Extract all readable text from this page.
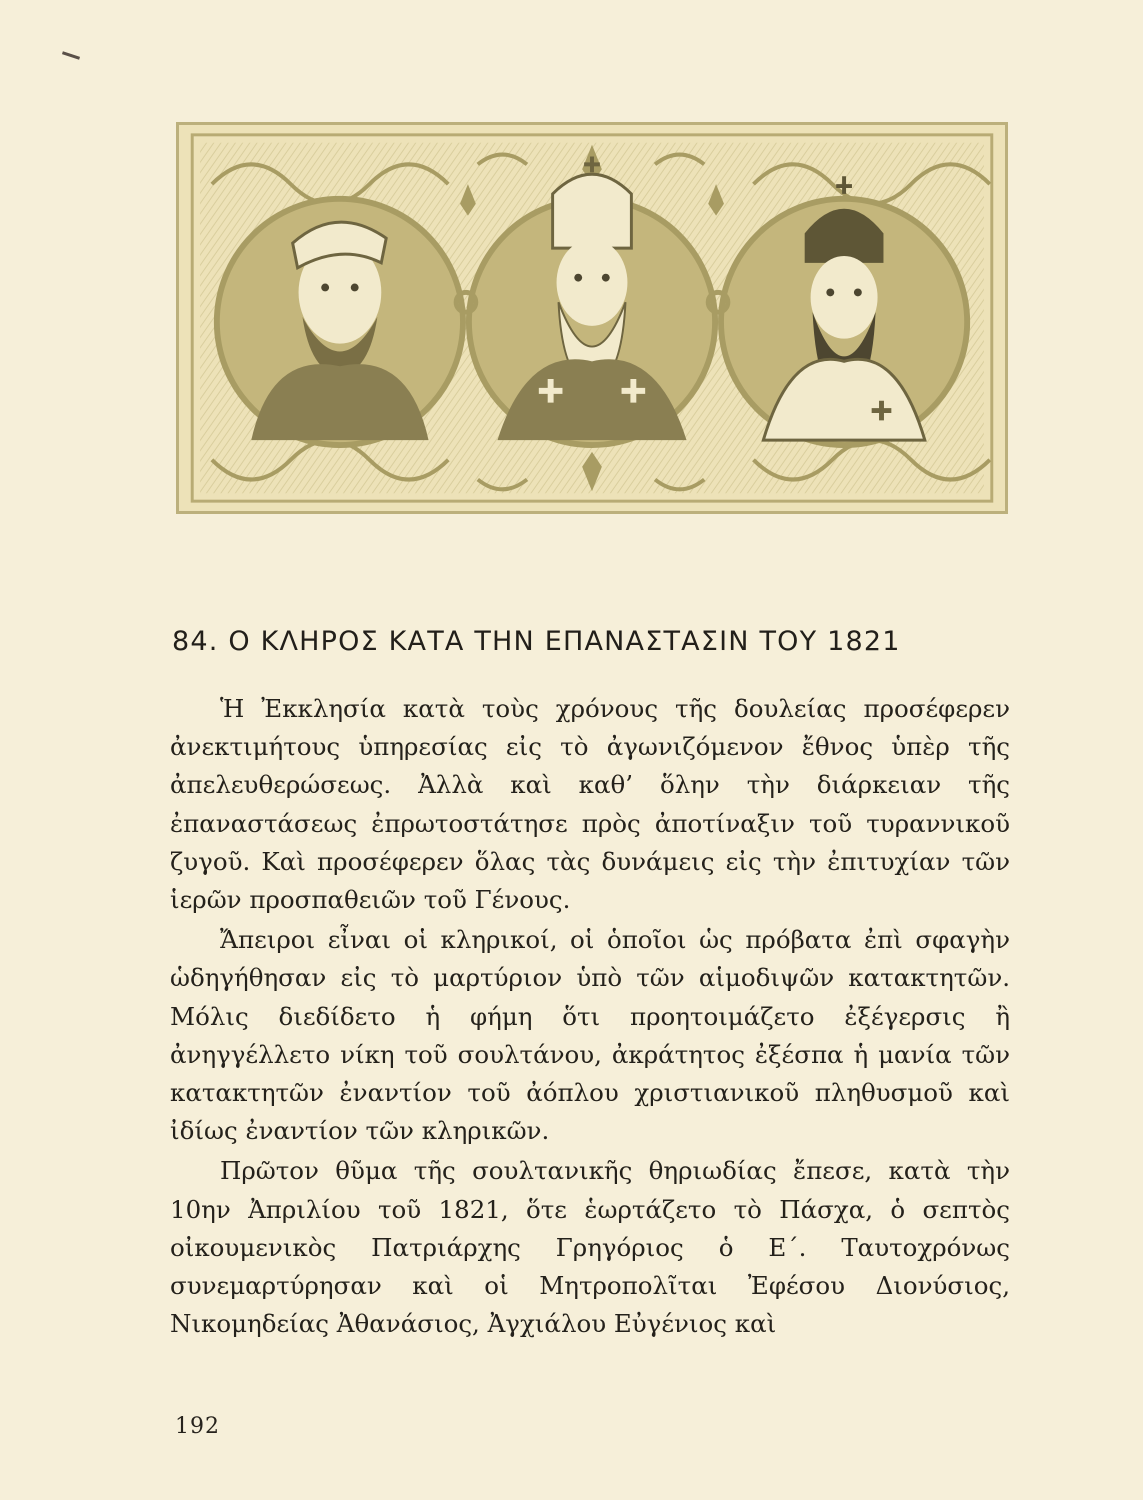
84. Ο ΚΛΗΡΟΣ ΚΑΤΑ ΤΗΝ ΕΠΑΝΑΣΤΑΣΙΝ ΤΟΥ 1821

Ἡ Ἐκκλησία κατὰ τοὺς χρόνους τῆς δουλείας προσέφερεν ἀνεκτιμήτους ὑπηρεσίας εἰς τὸ ἀγωνιζόμενον ἔθνος ὑπὲρ τῆς ἀπελευθερώσεως. Ἀλλὰ καὶ καθ’ ὅλην τὴν διάρκειαν τῆς ἐπαναστάσεως ἐπρωτοστάτησε πρὸς ἀποτίναξιν τοῦ τυραννικοῦ ζυγοῦ. Καὶ προσέφερεν ὅλας τὰς δυνάμεις εἰς τὴν ἐπιτυχίαν τῶν ἱερῶν προσπαθειῶν τοῦ Γένους.

Ἄπειροι εἶναι οἱ κληρικοί, οἱ ὁποῖοι ὡς πρόβατα ἐπὶ σφαγὴν ὡδηγήθησαν εἰς τὸ μαρτύριον ὑπὸ τῶν αἱμοδιψῶν κατακτητῶν. Μόλις διεδίδετο ἡ φήμη ὅτι προητοιμάζετο ἐξέγερσις ἢ ἀνηγγέλλετο νίκη τοῦ σουλτάνου, ἀκράτητος ἐξέσπα ἡ μανία τῶν κατακτητῶν ἐναντίον τοῦ ἀόπλου χριστιανικοῦ πληθυσμοῦ καὶ ἰδίως ἐναντίον τῶν κληρικῶν.

Πρῶτον θῦμα τῆς σουλτανικῆς θηριωδίας ἔπεσε, κατὰ τὴν 10ην Ἀπριλίου τοῦ 1821, ὅτε ἑωρτάζετο τὸ Πάσχα, ὁ σεπτὸς οἰκουμενικὸς Πατριάρχης Γρηγόριος ὁ Ε΄. Ταυτοχρόνως συνεμαρτύρησαν καὶ οἱ Μητροπολῖται Ἐφέσου Διονύσιος, Νικομηδείας Ἀθανάσιος, Ἀγχιάλου Εὐγένιος καὶ

192
